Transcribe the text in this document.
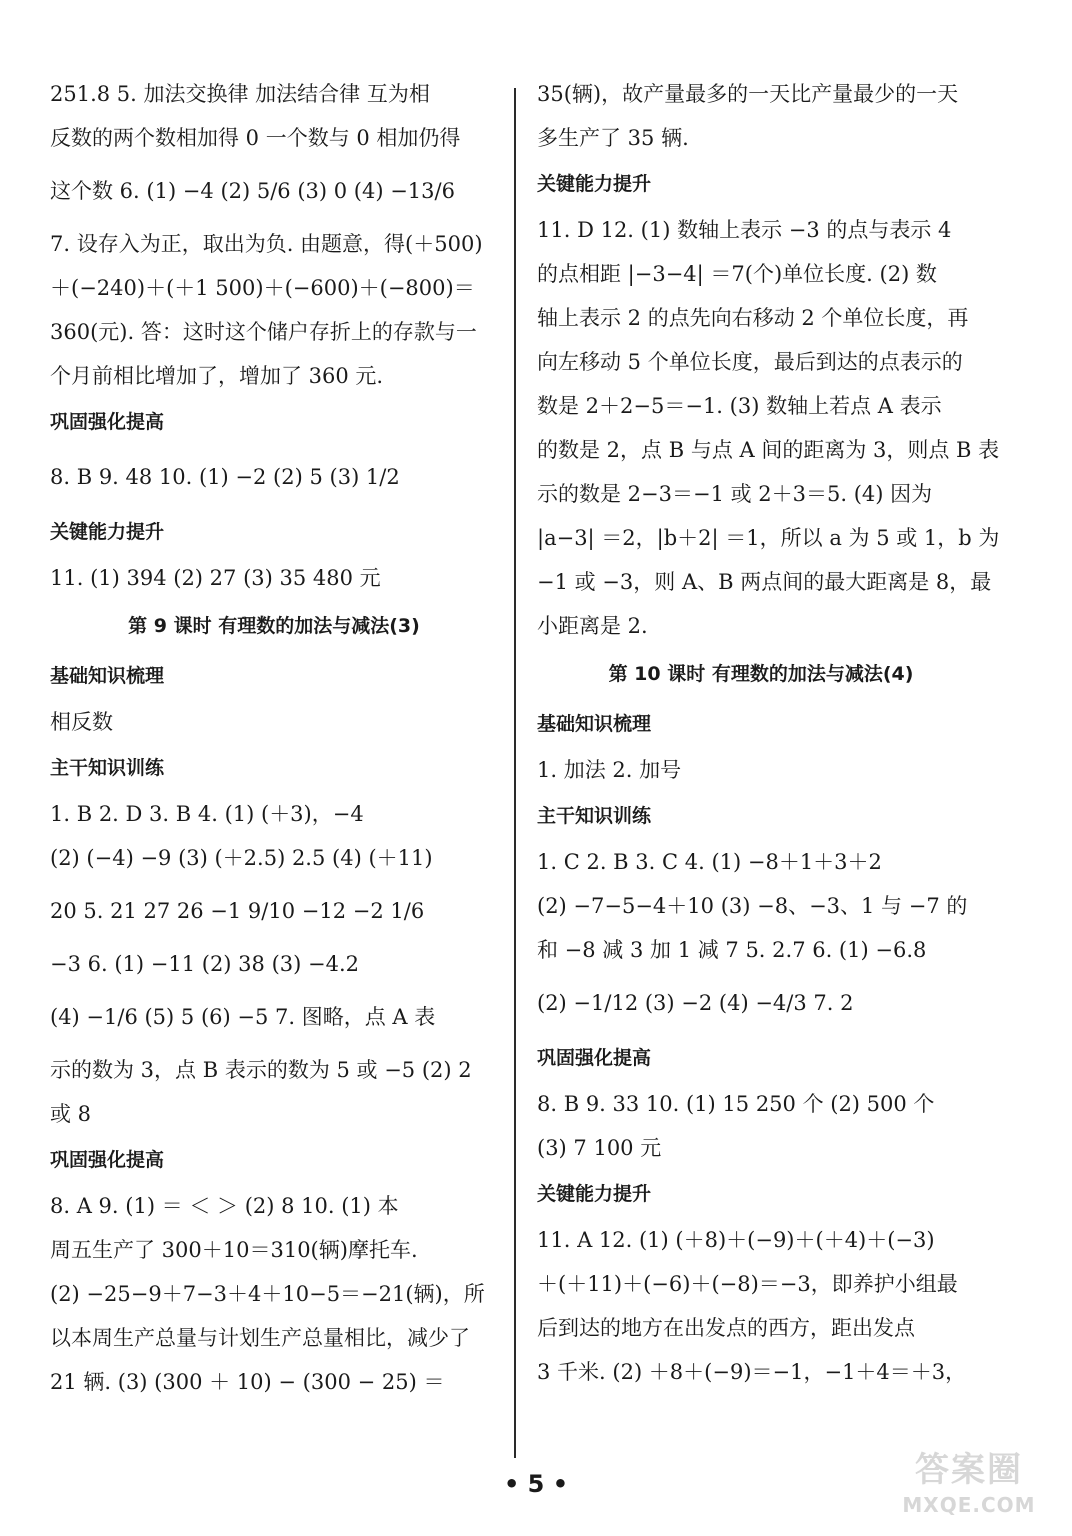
251.8 5. 加法交换律 加法结合律 互为相
反数的两个数相加得 0 一个数与 0 相加仍得
这个数 6. (1) −4 (2) 5/6 (3) 0 (4) −13/6
7. 设存入为正，取出为负. 由题意，得(＋500)
＋(−240)＋(＋1 500)＋(−600)＋(−800)＝
360(元). 答：这时这个储户存折上的存款与一
个月前相比增加了，增加了 360 元.
巩固强化提高
8. B 9. 48 10. (1) −2 (2) 5 (3) 1/2
关键能力提升
11. (1) 394 (2) 27 (3) 35 480 元
第 9 课时 有理数的加法与减法(3)
基础知识梳理
相反数
主干知识训练
1. B 2. D 3. B 4. (1) (＋3)，−4
(2) (−4) −9 (3) (＋2.5) 2.5 (4) (＋11)
20 5. 21 27 26 −1 9/10 −12 −2 1/6
−3 6. (1) −11 (2) 38 (3) −4.2
(4) −1/6 (5) 5 (6) −5 7. 图略，点 A 表
示的数为 3，点 B 表示的数为 5 或 −5 (2) 2
或 8
巩固强化提高
8. A 9. (1) ＝ ＜ ＞ (2) 8 10. (1) 本
周五生产了 300＋10＝310(辆)摩托车.
(2) −25−9＋7−3＋4＋10−5＝−21(辆)，所
以本周生产总量与计划生产总量相比，减少了
21 辆. (3) (300 ＋ 10) − (300 − 25) ＝
35(辆)，故产量最多的一天比产量最少的一天
多生产了 35 辆.
关键能力提升
11. D 12. (1) 数轴上表示 −3 的点与表示 4
的点相距 |−3−4| ＝7(个)单位长度. (2) 数
轴上表示 2 的点先向右移动 2 个单位长度，再
向左移动 5 个单位长度，最后到达的点表示的
数是 2＋2−5＝−1. (3) 数轴上若点 A 表示
的数是 2，点 B 与点 A 间的距离为 3，则点 B 表
示的数是 2−3＝−1 或 2＋3＝5. (4) 因为
|a−3| ＝2，|b＋2| ＝1，所以 a 为 5 或 1，b 为
−1 或 −3，则 A、B 两点间的最大距离是 8，最
小距离是 2.
第 10 课时 有理数的加法与减法(4)
基础知识梳理
1. 加法 2. 加号
主干知识训练
1. C 2. B 3. C 4. (1) −8＋1＋3＋2
(2) −7−5−4＋10 (3) −8、−3、1 与 −7 的
和 −8 减 3 加 1 减 7 5. 2.7 6. (1) −6.8
(2) −1/12 (3) −2 (4) −4/3 7. 2
巩固强化提高
8. B 9. 33 10. (1) 15 250 个 (2) 500 个
(3) 7 100 元
关键能力提升
11. A 12. (1) (＋8)＋(−9)＋(＋4)＋(−3)
＋(＋11)＋(−6)＋(−8)＝−3，即养护小组最
后到达的地方在出发点的西方，距出发点
3 千米. (2) ＋8＋(−9)＝−1，−1＋4＝＋3，
• 5 •	答案圈
MXQE.COM
